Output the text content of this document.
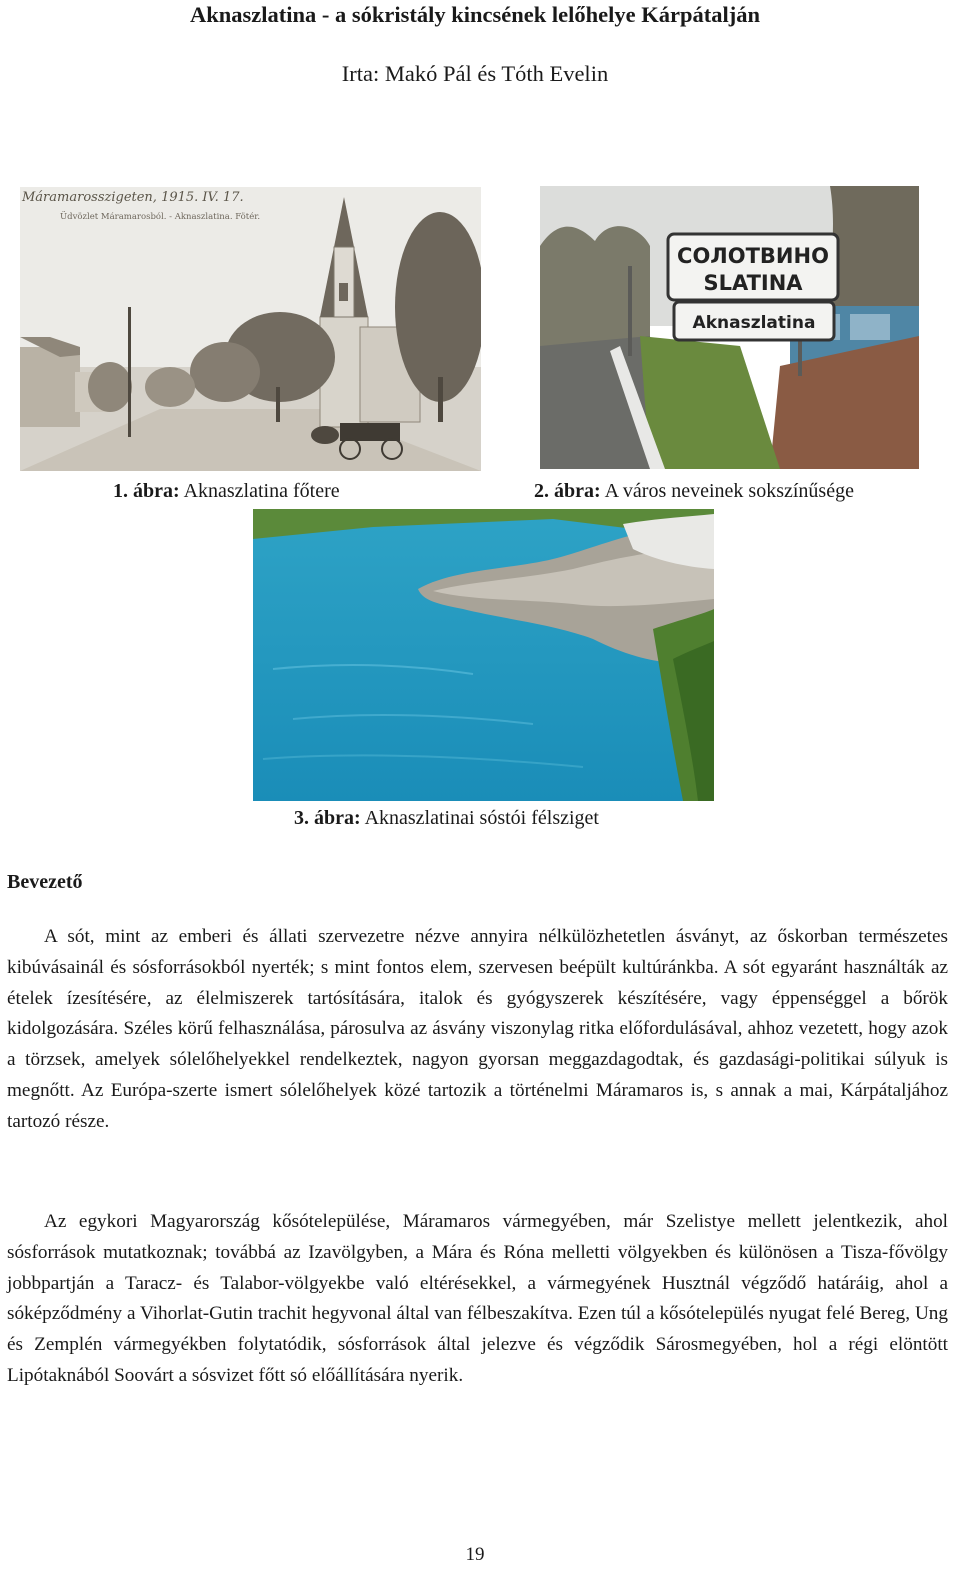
Aknaszlatina - a sókristály kincsének lelőhelye Kárpátalján
Irta: Makó Pál és Tóth Evelin
Máramarosszigeten, 1915. IV. 17.
Üdvözlet Máramarosból. - Aknaszlatina. Fötér.
СОЛОТВИНО
SLATINA
Aknaszlatina
1. ábra: Aknaszlatina főtere	2. ábra: A város neveinek sokszínűsége
3. ábra: Aknaszlatinai sóstói félsziget
Bevezető
A sót, mint az emberi és állati szervezetre nézve annyira nélkülözhetetlen ásványt, az őskorban természetes kibúvásainál és sósforrásokból nyerték; s mint fontos elem, szervesen beépült kultúránkba. A sót egyaránt használták az ételek ízesítésére, az élelmiszerek tartósítására, italok és gyógyszerek készítésére, vagy éppenséggel a bőrök kidolgozására. Széles körű felhasználása, párosulva az ásvány viszonylag ritka előfordulásával, ahhoz vezetett, hogy azok a törzsek, amelyek sólelőhelyekkel rendelkeztek, nagyon gyorsan meggazdagodtak, és gazdasági-politikai súlyuk is megnőtt. Az Európa-szerte ismert sólelőhelyek közé tartozik a történelmi Máramaros is, s annak a mai, Kárpátaljához tartozó része.
Az egykori Magyarország kősótelepülése, Máramaros vármegyében, már Szelistye mellett jelentkezik, ahol sósforrások mutatkoznak; továbbá az Izavölgyben, a Mára és Róna melletti völgyekben és különösen a Tisza-fővölgy jobbpartján a Taracz- és Talabor-völgyekbe való eltérésekkel, a vármegyének Husztnál végződő határáig, ahol a sóképződmény a Vihorlat-Gutin trachit hegyvonal által van félbeszakítva. Ezen túl a kősótelepülés nyugat felé Bereg, Ung és Zemplén vármegyékben folytatódik, sósforrások által jelezve és végződik Sárosmegyében, hol a régi elöntött Lipótaknából Soovárt a sósvizet főtt só előállítására nyerik.
19
